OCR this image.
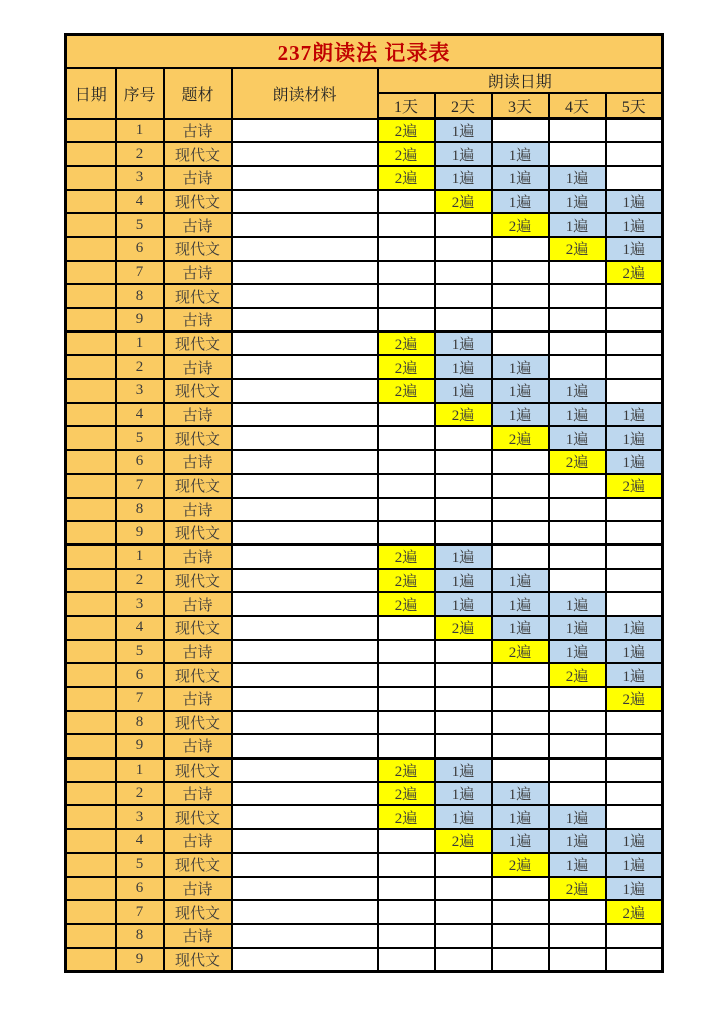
237朗读法 记录表								
日期	序号	题材	朗读材料	朗读日期				
				1天	2天	3天	4天	5天
	1	古诗		2遍	1遍			
	2	现代文		2遍	1遍	1遍		
	3	古诗		2遍	1遍	1遍	1遍	
	4	现代文			2遍	1遍	1遍	1遍
	5	古诗				2遍	1遍	1遍
	6	现代文					2遍	1遍
	7	古诗						2遍
	8	现代文						
	9	古诗						
	1	现代文		2遍	1遍			
	2	古诗		2遍	1遍	1遍		
	3	现代文		2遍	1遍	1遍	1遍	
	4	古诗			2遍	1遍	1遍	1遍
	5	现代文				2遍	1遍	1遍
	6	古诗					2遍	1遍
	7	现代文						2遍
	8	古诗						
	9	现代文						
	1	古诗		2遍	1遍			
	2	现代文		2遍	1遍	1遍		
	3	古诗		2遍	1遍	1遍	1遍	
	4	现代文			2遍	1遍	1遍	1遍
	5	古诗				2遍	1遍	1遍
	6	现代文					2遍	1遍
	7	古诗						2遍
	8	现代文						
	9	古诗						
	1	现代文		2遍	1遍			
	2	古诗		2遍	1遍	1遍		
	3	现代文		2遍	1遍	1遍	1遍	
	4	古诗			2遍	1遍	1遍	1遍
	5	现代文				2遍	1遍	1遍
	6	古诗					2遍	1遍
	7	现代文						2遍
	8	古诗						
	9	现代文						
